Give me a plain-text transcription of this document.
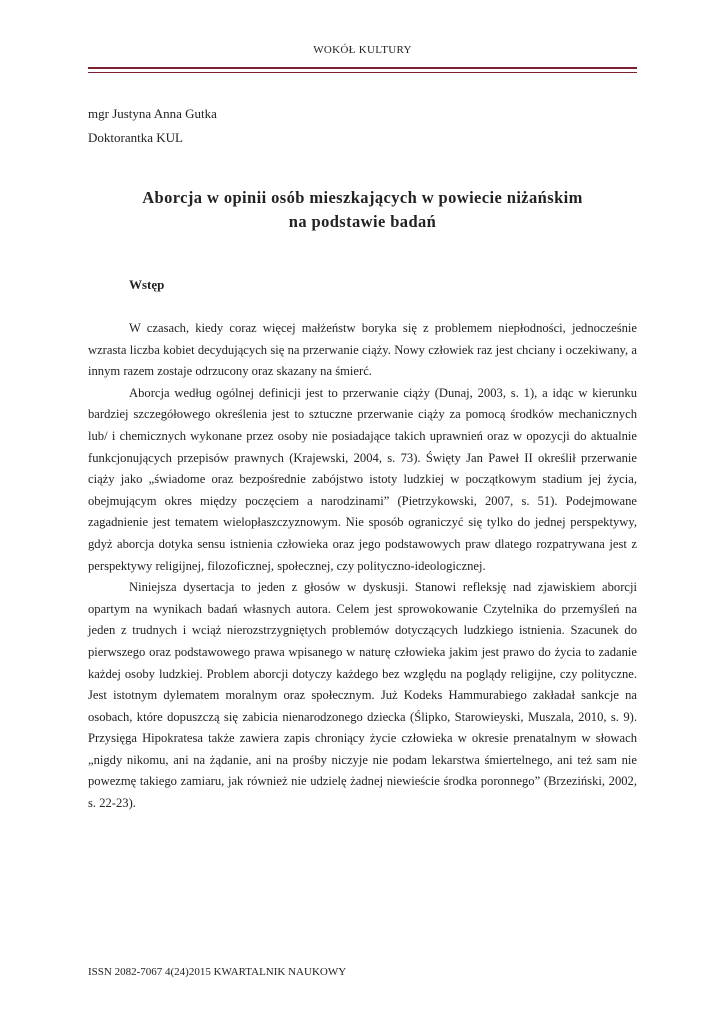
WOKÓŁ KULTURY
mgr Justyna Anna Gutka
Doktorantka KUL
Aborcja w opinii osób mieszkających w powiecie niżańskim
na podstawie badań
Wstęp

W czasach, kiedy coraz więcej małżeństw boryka się z problemem niepłodności, jednocześnie wzrasta liczba kobiet decydujących się na przerwanie ciąży. Nowy człowiek raz jest chciany i oczekiwany, a innym razem zostaje odrzucony oraz skazany na śmierć.

Aborcja według ogólnej definicji jest to przerwanie ciąży (Dunaj, 2003, s. 1), a idąc w kierunku bardziej szczegółowego określenia jest to sztuczne przerwanie ciąży za pomocą środków mechanicznych lub/ i chemicznych wykonane przez osoby nie posiadające takich uprawnień oraz w opozycji do aktualnie funkcjonujących przepisów prawnych (Krajewski, 2004, s. 73). Święty Jan Paweł II określił przerwanie ciąży jako „świadome oraz bezpośrednie zabójstwo istoty ludzkiej w początkowym stadium jej życia, obejmującym okres między poczęciem a narodzinami” (Pietrzykowski, 2007, s. 51). Podejmowane zagadnienie jest tematem wielopłaszczyznowym. Nie sposób ograniczyć się tylko do jednej perspektywy, gdyż aborcja dotyka sensu istnienia człowieka oraz jego podstawowych praw dlatego rozpatrywana jest z perspektywy religijnej, filozoficznej, społecznej, czy polityczno-ideologicznej.

Niniejsza dysertacja to jeden z głosów w dyskusji. Stanowi refleksję nad zjawiskiem aborcji opartym na wynikach badań własnych autora. Celem jest sprowokowanie Czytelnika do przemyśleń na jeden z trudnych i wciąż nierozstrzygniętych problemów dotyczących ludzkiego istnienia. Szacunek do pierwszego oraz podstawowego prawa wpisanego w naturę człowieka jakim jest prawo do życia to zadanie każdej osoby ludzkiej. Problem aborcji dotyczy każdego bez względu na poglądy religijne, czy polityczne. Jest istotnym dylematem moralnym oraz społecznym. Już Kodeks Hammurabiego zakładał sankcje na osobach, które dopuszczą się zabicia nienarodzonego dziecka (Ślipko, Starowieyski, Muszala, 2010, s. 9). Przysięga Hipokratesa także zawiera zapis chroniący życie człowieka w okresie prenatalnym w słowach „nigdy nikomu, ani na żądanie, ani na prośby niczyje nie podam lekarstwa śmiertelnego, ani też sam nie powezmę takiego zamiaru, jak również nie udzielę żadnej niewieście środka poronnego” (Brzeziński, 2002, s. 22-23).

ISSN 2082-7067 4(24)2015 KWARTALNIK NAUKOWY
